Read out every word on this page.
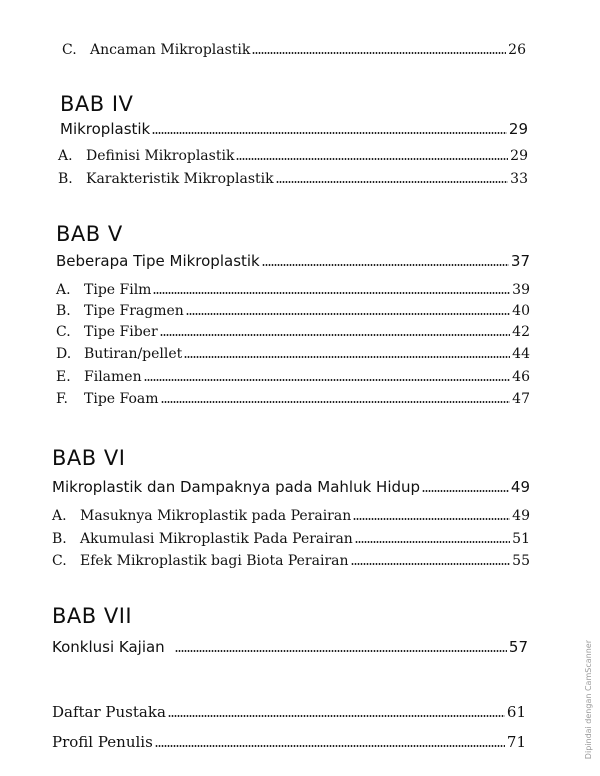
C. Ancaman Mikroplastik	26
BAB IV
Mikroplastik	29
A. Definisi Mikroplastik	29
B. Karakteristik Mikroplastik	33
BAB V
Beberapa Tipe Mikroplastik	37
A. Tipe Film	39
B. Tipe Fragmen	40
C. Tipe Fiber	42
D. Butiran/pellet	44
E. Filamen	46
F.	Tipe Foam	47
BAB VI
Mikroplastik dan Dampaknya pada Mahluk Hidup	49
A. Masuknya Mikroplastik pada Perairan	49
B. Akumulasi Mikroplastik Pada Perairan	51
C. Efek Mikroplastik bagi Biota Perairan	55
BAB VII
Konklusi Kajian	57
Daftar Pustaka	61
Profil Penulis	71	Dipindai dengan CamScanner
